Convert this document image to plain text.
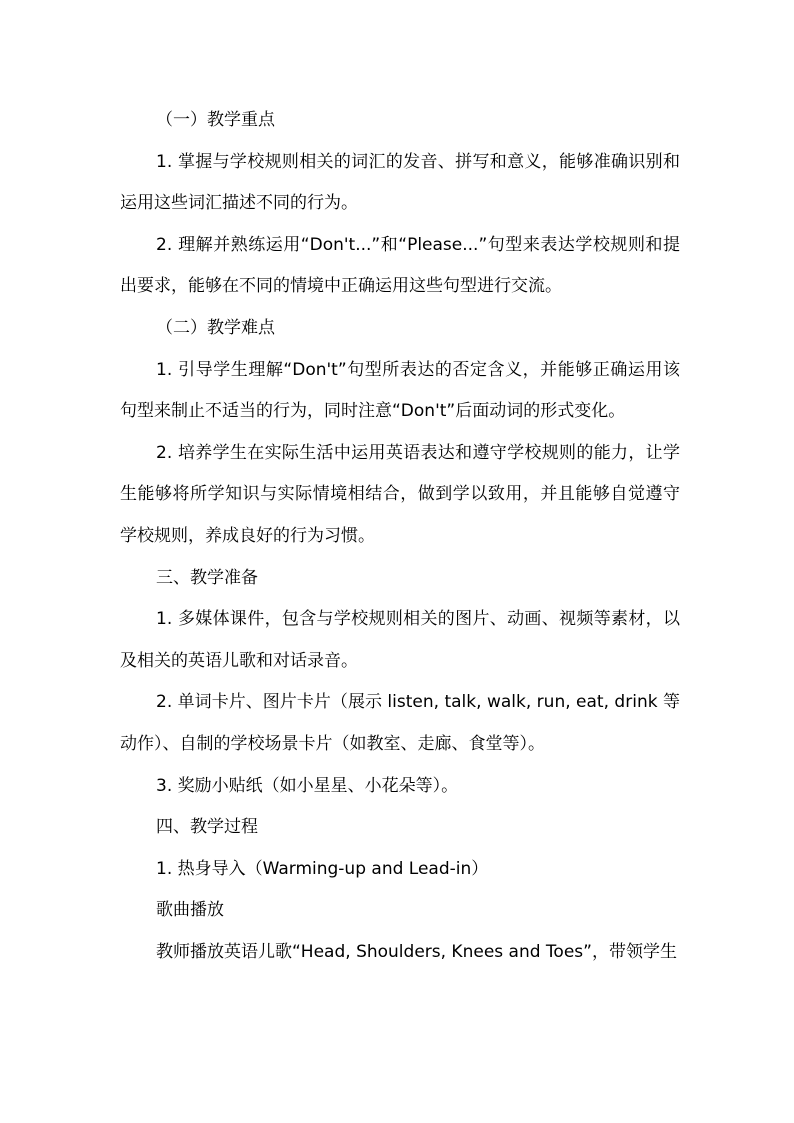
（一）教学重点

1. 掌握与学校规则相关的词汇的发音、拼写和意义，能够准确识别和运用这些词汇描述不同的行为。

2. 理解并熟练运用“Don't...”和“Please...”句型来表达学校规则和提出要求，能够在不同的情境中正确运用这些句型进行交流。

（二）教学难点

1. 引导学生理解“Don't”句型所表达的否定含义，并能够正确运用该句型来制止不适当的行为，同时注意“Don't”后面动词的形式变化。

2. 培养学生在实际生活中运用英语表达和遵守学校规则的能力，让学生能够将所学知识与实际情境相结合，做到学以致用，并且能够自觉遵守学校规则，养成良好的行为习惯。

三、教学准备

1. 多媒体课件，包含与学校规则相关的图片、动画、视频等素材，以及相关的英语儿歌和对话录音。

2. 单词卡片、图片卡片（展示 listen, talk, walk, run, eat, drink 等动作）、自制的学校场景卡片（如教室、走廊、食堂等）。

3. 奖励小贴纸（如小星星、小花朵等）。

四、教学过程

1. 热身导入（Warming-up and Lead-in）

歌曲播放

教师播放英语儿歌“Head, Shoulders, Knees and Toes”，带领学生
